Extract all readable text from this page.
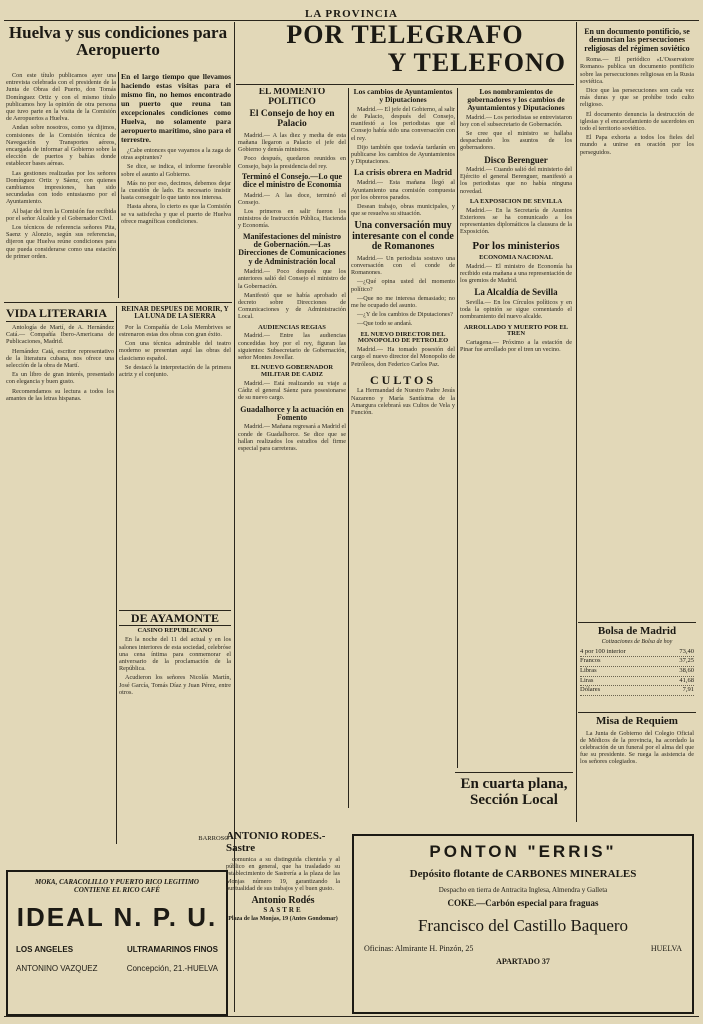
LA PROVINCIA
Huelva y sus condiciones para Aeropuerto

Con este título publicamos ayer una entrevista celebrada con el presidente de la Junta de Obras del Puerto, don Tomás Domínguez Ortiz y con el mismo título publicamos hoy la opinión de otra persona que tuvo parte en la visita de la Comisión de Aeropuertos a Huelva.

Andan sobre nosotros, como ya dijimos, comisiones de la Comisión técnica de Navegación y Transportes aéreos, encargada de informar al Gobierno sobre la elección de puertos y bahías donde establecer bases aéreas.

Las gestiones realizadas por los señores Domínguez Ortiz y Sáenz, con quienes cambiamos impresiones, han sido secundadas con todo entusiasmo por el Ayuntamiento.

Al bajar del tren la Comisión fue recibida por el señor Alcalde y el Gobernador Civil.

Los técnicos de referencia señores Pita, Saenz y Alonzio, según sus referencias, dijeron que Huelva reúne condiciones para que pueda considerarse como una estación de primer orden.

En el largo tiempo que llevamos haciendo estas visitas para el mismo fin, no hemos encontrado un puerto que reuna tan excepcionales condiciones como Huelva, no solamente para aeropuerto marítimo, sino para el terrestre.

¿Cabe entonces que vayamos a la zaga de otras aspirantes?

Se dice, se indica, el informe favorable sobre el asunto al Gobierno.

Más no por eso, decimos, debemos dejar la cuestión de lado. Es necesario insistir hasta conseguir lo que tanto nos interesa.

Hasta ahora, lo cierto es que la Comisión se va satisfecha y que el puerto de Huelva ofrece magníficas condiciones.

VIDA LITERARIA

Antología de Martí, de A. Hernández Catá.— Compañía Ibero-Americana de Publicaciones, Madrid.

Hernández Catá, escritor representativo de la literatura cubana, nos ofrece una selección de la obra de Martí.

Es un libro de gran interés, presentado con elegancia y buen gusto.

Recomendamos su lectura a todos los amantes de las letras hispanas.

REINAR DESPUES DE MORIR, Y LA LUNA DE LA SIERRA

Por la Compañía de Lola Membrives se estrenaron estas dos obras con gran éxito.

Con una técnica admirable del teatro moderno se presentan aquí las obras del clasicismo español.

Se destacó la interpretación de la primera actriz y el conjunto.

DE AYAMONTE
CASINO REPUBLICANO

En la noche del 11 del actual y en los salones interiores de esta sociedad, celebróse una cena íntima para conmemorar el aniversario de la proclamación de la República.

Acudieron los señores Nicolás Martín, José García, Tomás Díaz y Juan Pérez, entre otros.

BARROSO
MOKA, CARACOLILLO Y PUERTO RICO LEGITIMO
CONTIENE EL RICO CAFÉ
IDEAL N. P. U.
LOS ANGELES	ULTRAMARINOS FINOS
ANTONINO VAZQUEZ	Concepción, 21.-HUELVA
POR TELEGRAFO
Y TELEFONO
EL MOMENTO POLITICO
El Consejo de hoy en Palacio

Madrid.— A las diez y media de esta mañana llegaron a Palacio el jefe del Gobierno y demás ministros.

Poco después, quedaron reunidos en Consejo, bajo la presidencia del rey.

Terminó el Consejo.—Lo que dice el ministro de Economía

Madrid.— A las doce, terminó el Consejo.

Los primeros en salir fueron los ministros de Instrucción Pública, Hacienda y Economía.

Manifestaciones del ministro de Gobernación.—Las Direcciones de Comunicaciones y de Administración local

Madrid.— Poco después que los anteriores salió del Consejo el ministro de la Gobernación.

Manifestó que se había aprobado el decreto sobre Direcciones de Comunicaciones y de Administración Local.

AUDIENCIAS REGIAS

Madrid.— Entre las audiencias concedidas hoy por el rey, figuran las siguientes: Subsecretario de Gobernación, señor Montes Jovellar.

EL NUEVO GOBERNADOR MILITAR DE CADIZ

Madrid.— Está realizando su viaje a Cádiz el general Sáenz para posesionarse de su nuevo cargo.

Guadalhorce y la actuación en Fomento

Madrid.— Mañana regresará a Madrid el conde de Guadalhorce. Se dice que se hallan realizados los estudios del firme especial para carreteras.

Los cambios de Ayuntamientos y Diputaciones

Madrid.— El jefe del Gobierno, al salir de Palacio, después del Consejo, manifestó a los periodistas que el Consejo había sido una conversación con el rey.

Dijo también que todavía tardarán en publicarse los cambios de Ayuntamientos y Diputaciones.

La crisis obrera en Madrid

Madrid.— Esta mañana llegó al Ayuntamiento una comisión compuesta por los obreros parados.

Desean trabajo, obras municipales, y que se resuelva su situación.

Una conversación muy interesante con el conde de Romanones

Madrid.— Un periodista sostuvo una conversación con el conde de Romanones.

—¿Qué opina usted del momento político?

—Que no me interesa demasiado; no me he ocupado del asunto.

—¿Y de los cambios de Diputaciones?

—Que todo se andará.

EL NUEVO DIRECTOR DEL MONOPOLIO DE PETROLEO

Madrid.— Ha tomado posesión del cargo el nuevo director del Monopolio de Petróleos, don Federico Carlos Paz.

CULTOS

La Hermandad de Nuestro Padre Jesús Nazareno y María Santísima de la Amargura celebrará sus Cultos de Vela y Función.

Los nombramientos de gobernadores y los cambios de Ayuntamientos y Diputaciones

Madrid.— Los periodistas se entrevistaron hoy con el subsecretario de Gobernación.

Se cree que el ministro se hallaba despachando los asuntos de los gobernadores.

Disco Berenguer

Madrid.— Cuando salió del ministerio del Ejército el general Berenguer, manifestó a los periodistas que no había ninguna novedad.

LA EXPOSICION DE SEVILLA

Madrid.— En la Secretaría de Asuntos Exteriores se ha comunicado a los representantes diplomáticos la clausura de la Exposición.

Por los ministerios
ECONOMIA NACIONAL

Madrid.— El ministro de Economía ha recibido esta mañana a una representación de los gremios de Madrid.

La Alcaldía de Sevilla

Sevilla.— En los Círculos políticos y en toda la opinión se sigue comentando el nombramiento del nuevo alcalde.

ARROLLADO Y MUERTO POR EL TREN

Cartagena.— Próximo a la estación de Pinar fue arrollado por el tren un vecino.

En cuarta plana,
Sección Local
ANTONIO RODES.-Sastre

comunica a su distinguida clientela y al público en general, que ha trasladado su establecimiento de Sastrería a la plaza de las Monjas número 19, garantizando la puntualidad de sus trabajos y el buen gusto.

Antonio Rodés
SASTRE
Plaza de las Monjas, 19 (Antes Gondomar)
PONTON "ERRIS"
Depósito flotante de CARBONES MINERALES
Despacho en tierra de Antracita Inglesa, Almendra y Galleta
COKE.—Carbón especial para fraguas
Francisco del Castillo Baquero
Oficinas: Almirante H. Pinzón, 25	HUELVA
APARTADO 37
En un documento pontificio, se denuncian las persecuciones religiosas del régimen soviético

Roma.— El periódico «L'Osservatore Romano» publica un documento pontificio sobre las persecuciones religiosas en la Rusia soviética.

Dice que las persecuciones son cada vez más duras y que se prohíbe todo culto religioso.

El documento denuncia la destrucción de iglesias y el encarcelamiento de sacerdotes en todo el territorio soviético.

El Papa exhorta a todos los fieles del mundo a unirse en oración por los perseguidos.

Bolsa de Madrid
Cotizaciones de Bolsa de hoy
4 por 100 interior	73,40
Francos	37,25
Libras	38,60
Liras	41,68
Dólares	7,91
Misa de Requiem

La Junta de Gobierno del Colegio Oficial de Médicos de la provincia, ha acordado la celebración de un funeral por el alma del que fue su presidente. Se ruega la asistencia de los señores colegiados.
